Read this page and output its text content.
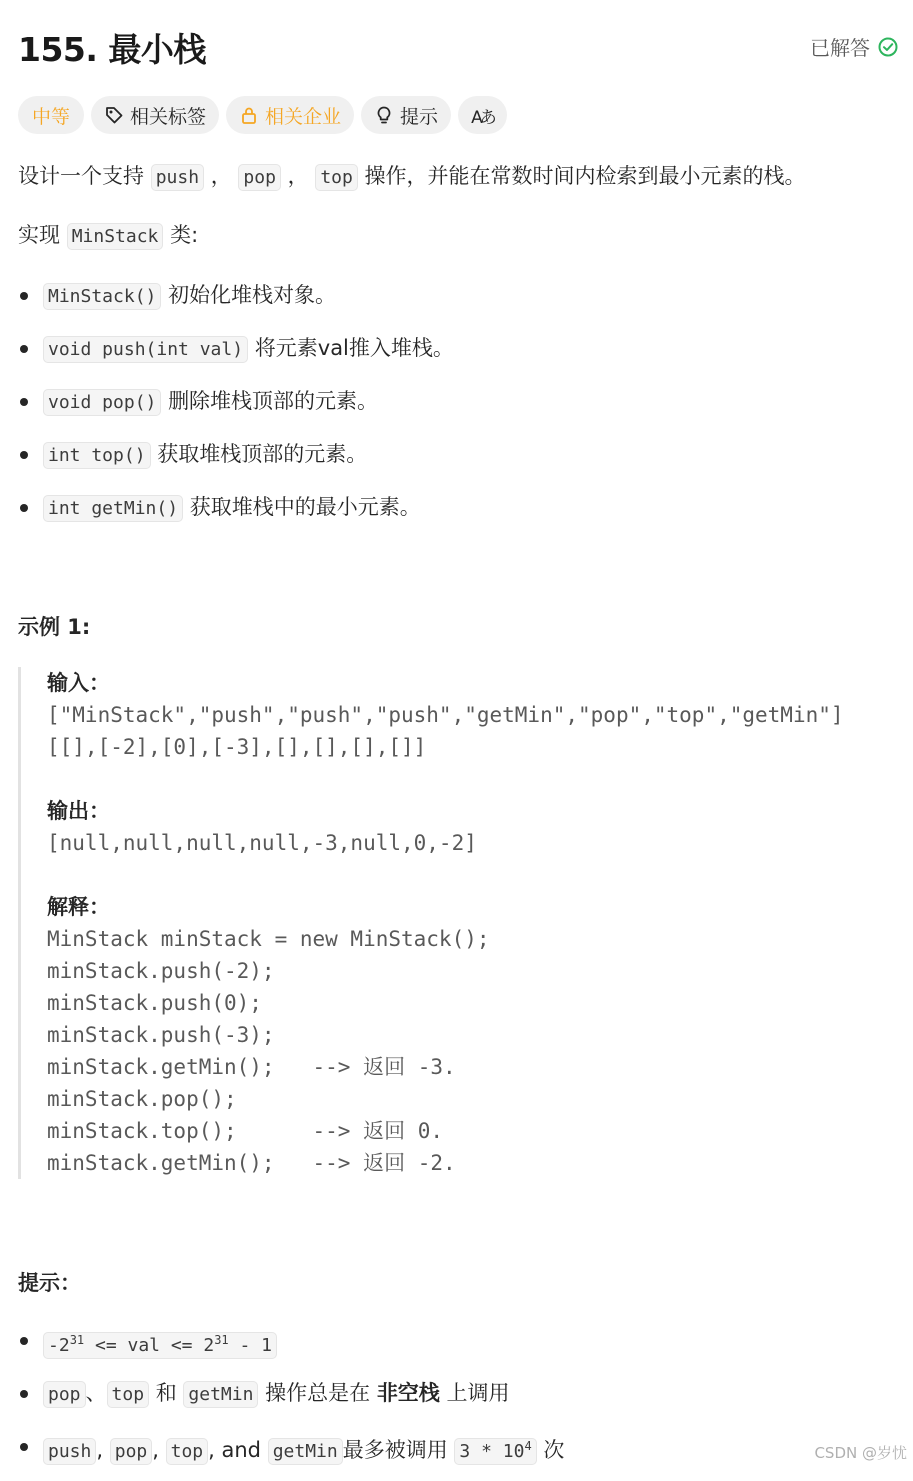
155. 最小栈	已解答
中等	相关标签	相关企业	提示 Aあ
设计一个支持 push ， pop ， top 操作，并能在常数时间内检索到最小元素的栈。
实现 MinStack 类:
MinStack() 初始化堆栈对象。
void push(int val) 将元素val推入堆栈。
void pop() 删除堆栈顶部的元素。
int top() 获取堆栈顶部的元素。
int getMin() 获取堆栈中的最小元素。
示例 1:
输入：
["MinStack","push","push","push","getMin","pop","top","getMin"]
[[],[-2],[0],[-3],[],[],[],[]]
输出：
[null,null,null,null,-3,null,0,-2]
解释：
MinStack minStack = new MinStack();
minStack.push(-2);
minStack.push(0);
minStack.push(-3);
minStack.getMin();   --> 返回 -3.
minStack.pop();
minStack.top();      --> 返回 0.
minStack.getMin();   --> 返回 -2.
提示：
$-2^{31}$ <= val <= $2^{31} - 1$
pop 、 top 和 getMin 操作总是在 非空栈 上调用
push , pop , top , and getMin 最多被调用 $3 * 10^4$ 次	CSDN @岁忧
